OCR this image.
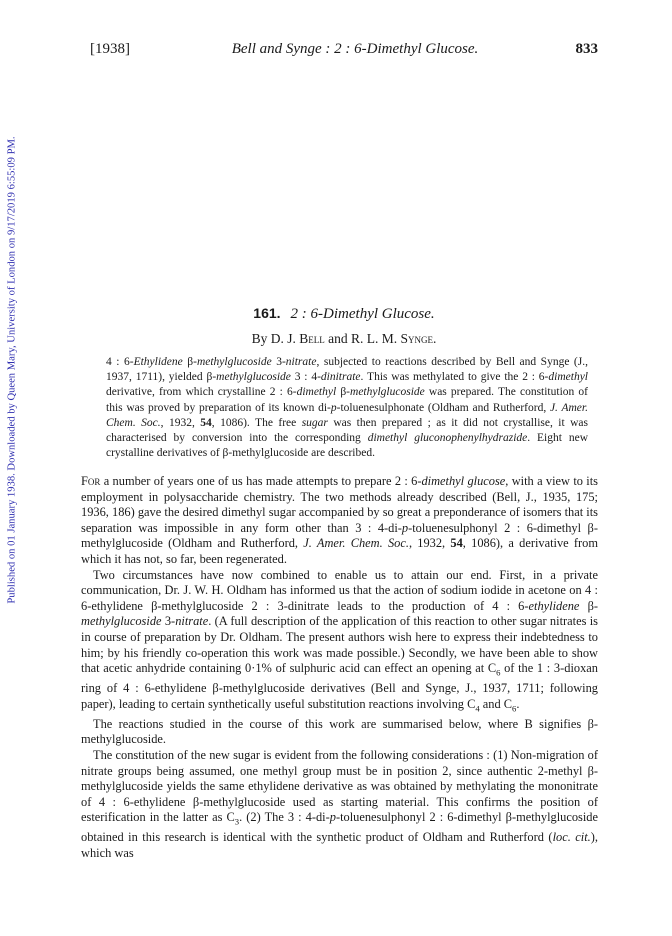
[1938]	Bell and Synge : 2 : 6-Dimethyl Glucose.	833
Published on 01 January 1938. Downloaded by Queen Mary, University of London on 9/17/2019 6:55:09 PM.	161. 2 : 6-Dimethyl Glucose.
By D. J. Bell and R. L. M. Synge.

4 : 6-Ethylidene β-methylglucoside 3-nitrate, subjected to reactions described by Bell and Synge (J., 1937, 1711), yielded β-methylglucoside 3 : 4-dinitrate. This was methylated to give the 2 : 6-dimethyl derivative, from which crystalline 2 : 6-dimethyl β-methylglucoside was prepared. The constitution of this was proved by preparation of its known di-p-toluenesulphonate (Oldham and Rutherford, J. Amer. Chem. Soc., 1932, 54, 1086). The free sugar was then prepared ; as it did not crystallise, it was characterised by conversion into the corresponding dimethyl gluconophenylhydrazide. Eight new crystalline derivatives of β-methylglucoside are described.

For a number of years one of us has made attempts to prepare 2 : 6-dimethyl glucose, with a view to its employment in polysaccharide chemistry. The two methods already described (Bell, J., 1935, 175; 1936, 186) gave the desired dimethyl sugar accompanied by so great a preponderance of isomers that its separation was impossible in any form other than 3 : 4-di-p-toluenesulphonyl 2 : 6-dimethyl β-methylglucoside (Oldham and Rutherford, J. Amer. Chem. Soc., 1932, 54, 1086), a derivative from which it has not, so far, been regenerated.

Two circumstances have now combined to enable us to attain our end. First, in a private communication, Dr. J. W. H. Oldham has informed us that the action of sodium iodide in acetone on 4 : 6-ethylidene β-methylglucoside 2 : 3-dinitrate leads to the production of 4 : 6-ethylidene β-methylglucoside 3-nitrate. (A full description of the application of this reaction to other sugar nitrates is in course of preparation by Dr. Oldham. The present authors wish here to express their indebtedness to him; by his friendly co-operation this work was made possible.) Secondly, we have been able to show that acetic anhydride containing 0·1% of sulphuric acid can effect an opening at $C_6$ of the 1 : 3-dioxan ring of 4 : 6-ethylidene β-methylglucoside derivatives (Bell and Synge, J., 1937, 1711; following paper), leading to certain synthetically useful substitution reactions involving $C_4$ and $C_6$.

The reactions studied in the course of this work are summarised below, where B signifies β-methylglucoside.

The constitution of the new sugar is evident from the following considerations : (1) Non-migration of nitrate groups being assumed, one methyl group must be in position 2, since authentic 2-methyl β-methylglucoside yields the same ethylidene derivative as was obtained by methylating the mononitrate of 4 : 6-ethylidene β-methylglucoside used as starting material. This confirms the position of esterification in the latter as $C_3$. (2) The 3 : 4-di-p-toluenesulphonyl 2 : 6-dimethyl β-methylglucoside obtained in this research is identical with the synthetic product of Oldham and Rutherford (loc. cit.), which was
